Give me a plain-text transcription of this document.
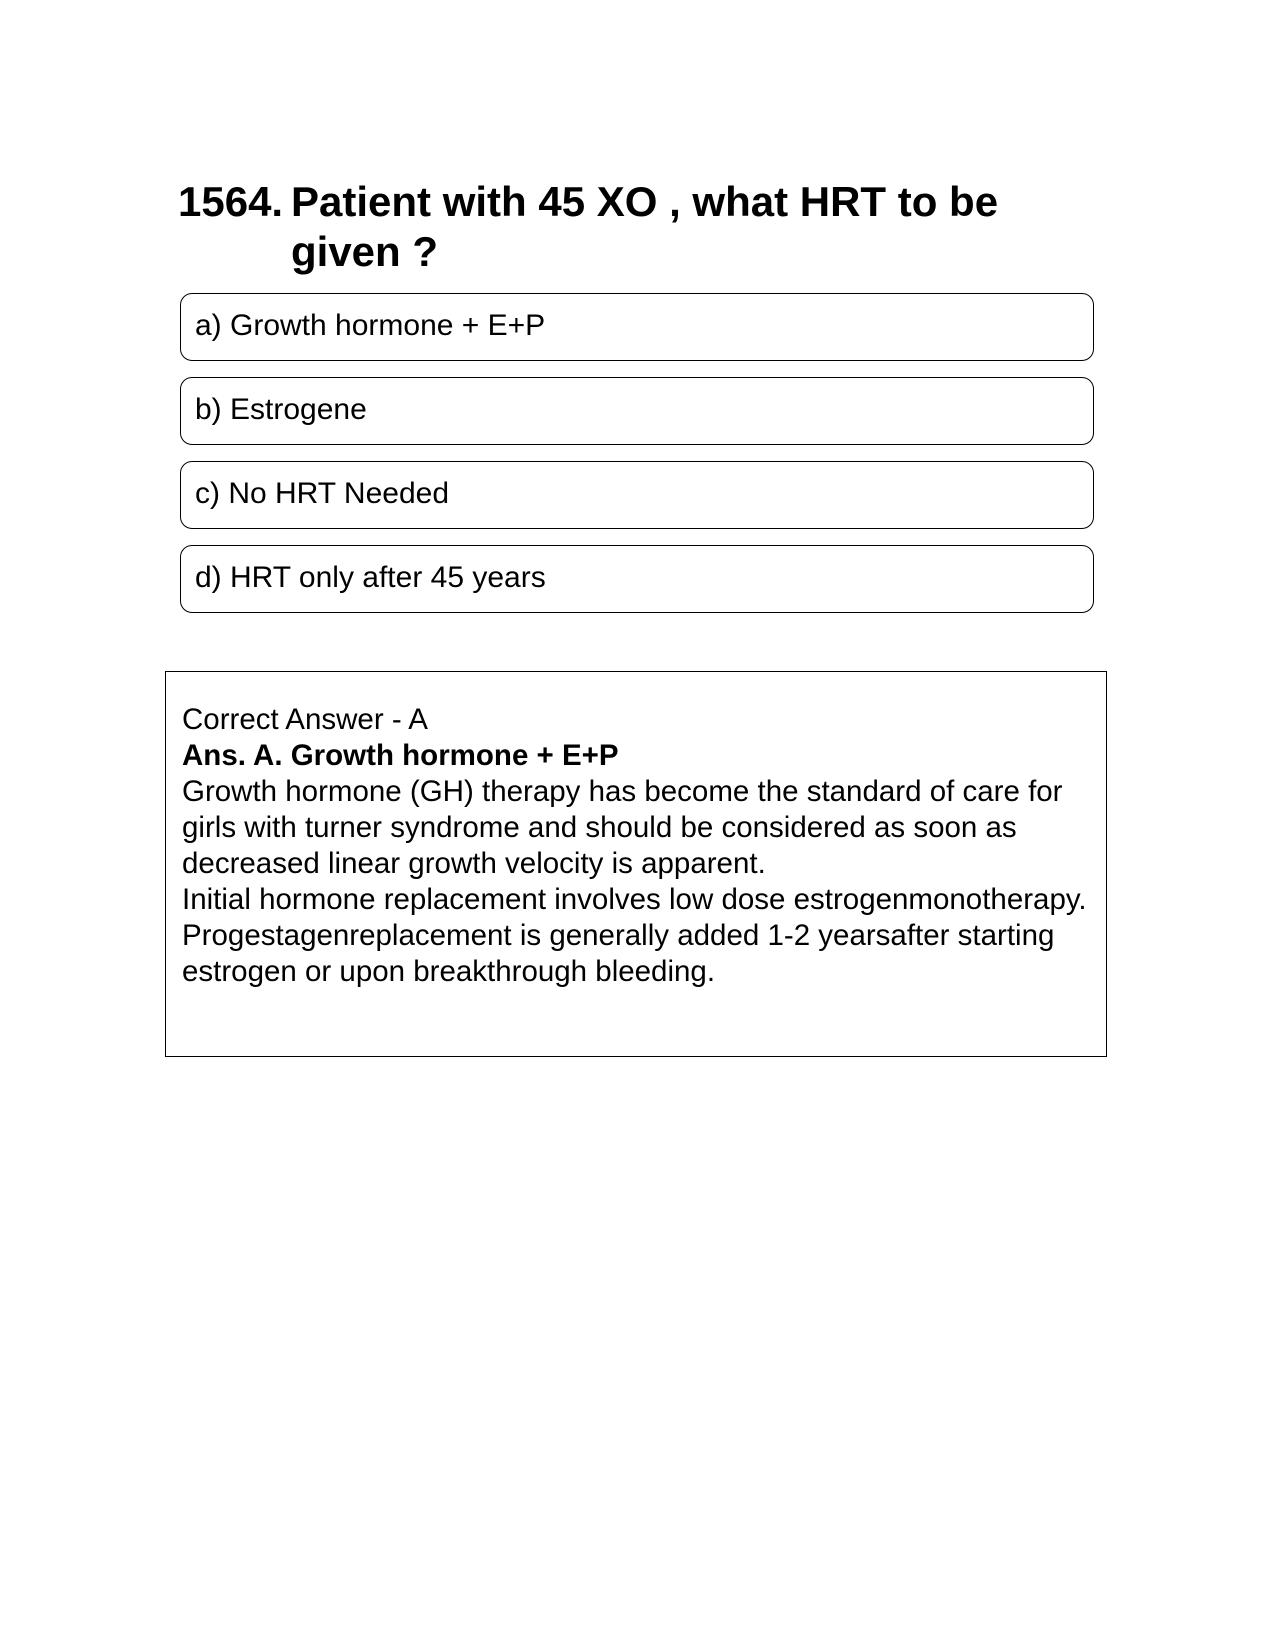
1564. Patient with 45 XO , what HRT to be given ?
a) Growth hormone + E+P
b) Estrogene
c) No HRT Needed
d) HRT only after 45 years

Correct Answer - A

Ans. A. Growth hormone + E+P

Growth hormone (GH) therapy has become the standard of care for girls with turner syndrome and should be considered as soon as decreased linear growth velocity is apparent.

Initial hormone replacement involves low dose estrogenmonotherapy.

Progestagenreplacement is generally added 1-2 yearsafter starting estrogen or upon breakthrough bleeding.
